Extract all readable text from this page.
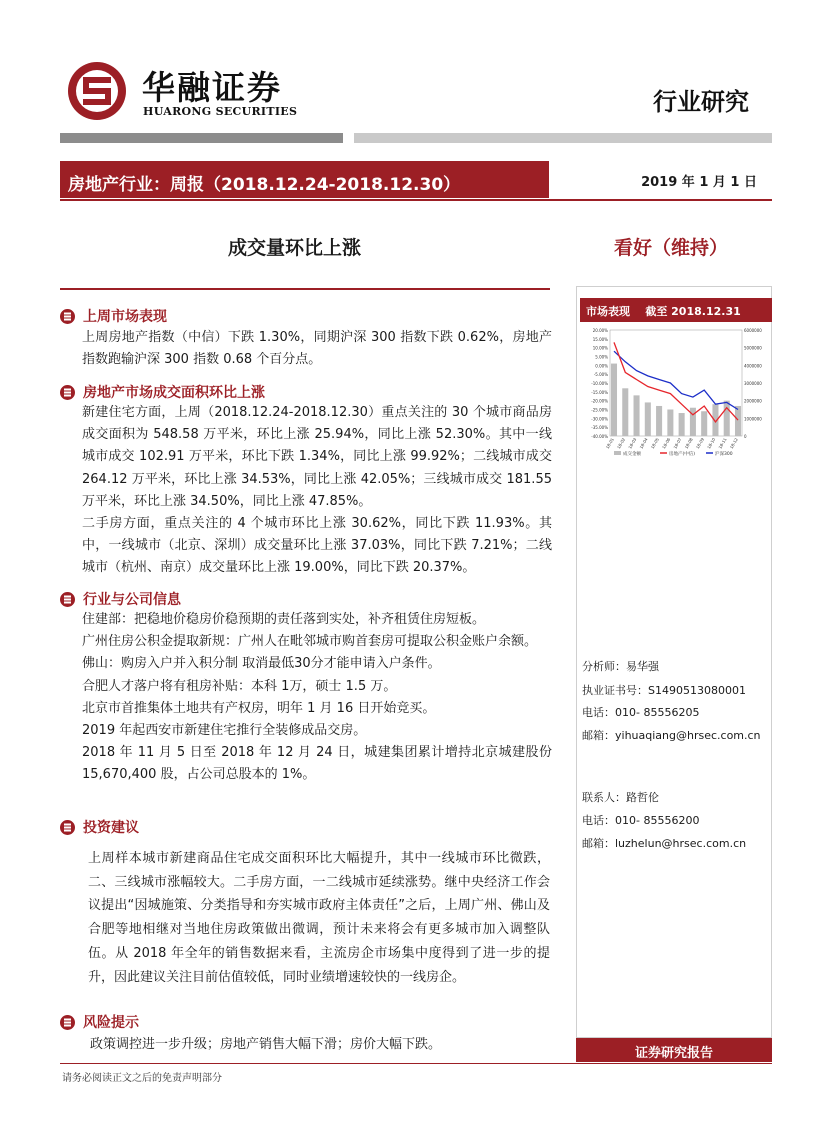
华融证券
HUARONG SECURITIES	行业研究
房地产行业：周报（2018.12.24-2018.12.30）	2019 年 1 月 1 日
成交量环比上涨	看好（维持）
上周市场表现

上周房地产指数（中信）下跌 1.30%，同期沪深 300 指数下跌 0.62%，房地产指数跑输沪深 300 指数 0.68 个百分点。

房地产市场成交面积环比上涨

新建住宅方面，上周（2018.12.24-2018.12.30）重点关注的 30 个城市商品房成交面积为 548.58 万平米，环比上涨 25.94%，同比上涨 52.30%。其中一线城市成交 102.91 万平米，环比下跌 1.34%，同比上涨 99.92%；二线城市成交 264.12 万平米，环比上涨 34.53%，同比上涨 42.05%；三线城市成交 181.55 万平米，环比上涨 34.50%，同比上涨 47.85%。

二手房方面，重点关注的 4 个城市环比上涨 30.62%，同比下跌 11.93%。其中，一线城市（北京、深圳）成交量环比上涨 37.03%，同比下跌 7.21%；二线城市（杭州、南京）成交量环比上涨 19.00%，同比下跌 20.37%。

行业与公司信息

住建部：把稳地价稳房价稳预期的责任落到实处，补齐租赁住房短板。

广州住房公积金提取新规：广州人在毗邻城市购首套房可提取公积金账户余额。

佛山：购房入户并入积分制 取消最低30分才能申请入户条件。

合肥人才落户将有租房补贴：本科 1万，硕士 1.5 万。

北京市首推集体土地共有产权房，明年 1 月 16 日开始竞买。

2019 年起西安市新建住宅推行全装修成品交房。

2018 年 11 月 5 日至 2018 年 12 月 24 日，城建集团累计增持北京城建股份 15,670,400 股，占公司总股本的 1%。

投资建议

上周样本城市新建商品住宅成交面积环比大幅提升，其中一线城市环比微跌，二、三线城市涨幅较大。二手房方面，一二线城市延续涨势。继中央经济工作会议提出“因城施策、分类指导和夯实城市政府主体责任”之后，上周广州、佛山及合肥等地相继对当地住房政策做出微调，预计未来将会有更多城市加入调整队伍。从 2018 年全年的销售数据来看，主流房企市场集中度得到了进一步的提升，因此建议关注目前估值较低，同时业绩增速较快的一线房企。

风险提示

政策调控进一步升级；房地产销售大幅下滑；房价大幅下跌。

市场表现 截至 2018.12.31
20.00%
15.00%
10.00%
5.00%
0.00%
-5.00%
-10.00%
-15.00%
-20.00%
-25.00%
-30.00%
-35.00%
-40.00%
6000000
5000000
4000000
3000000
2000000
1000000
0
18-01 18-02 18-03 18-04 18-05 18-06 18-07 18-08 18-09 18-10 18-11 18-12
成交金额	房地产(中信)	沪深300
分析师：易华强
执业证书号：S1490513080001
电话：010- 85556205
邮箱：yihuaqiang@hrsec.com.cn
联系人：路哲伦
电话：010- 85556200
邮箱：luzhelun@hrsec.com.cn
证券研究报告
请务必阅读正文之后的免责声明部分
